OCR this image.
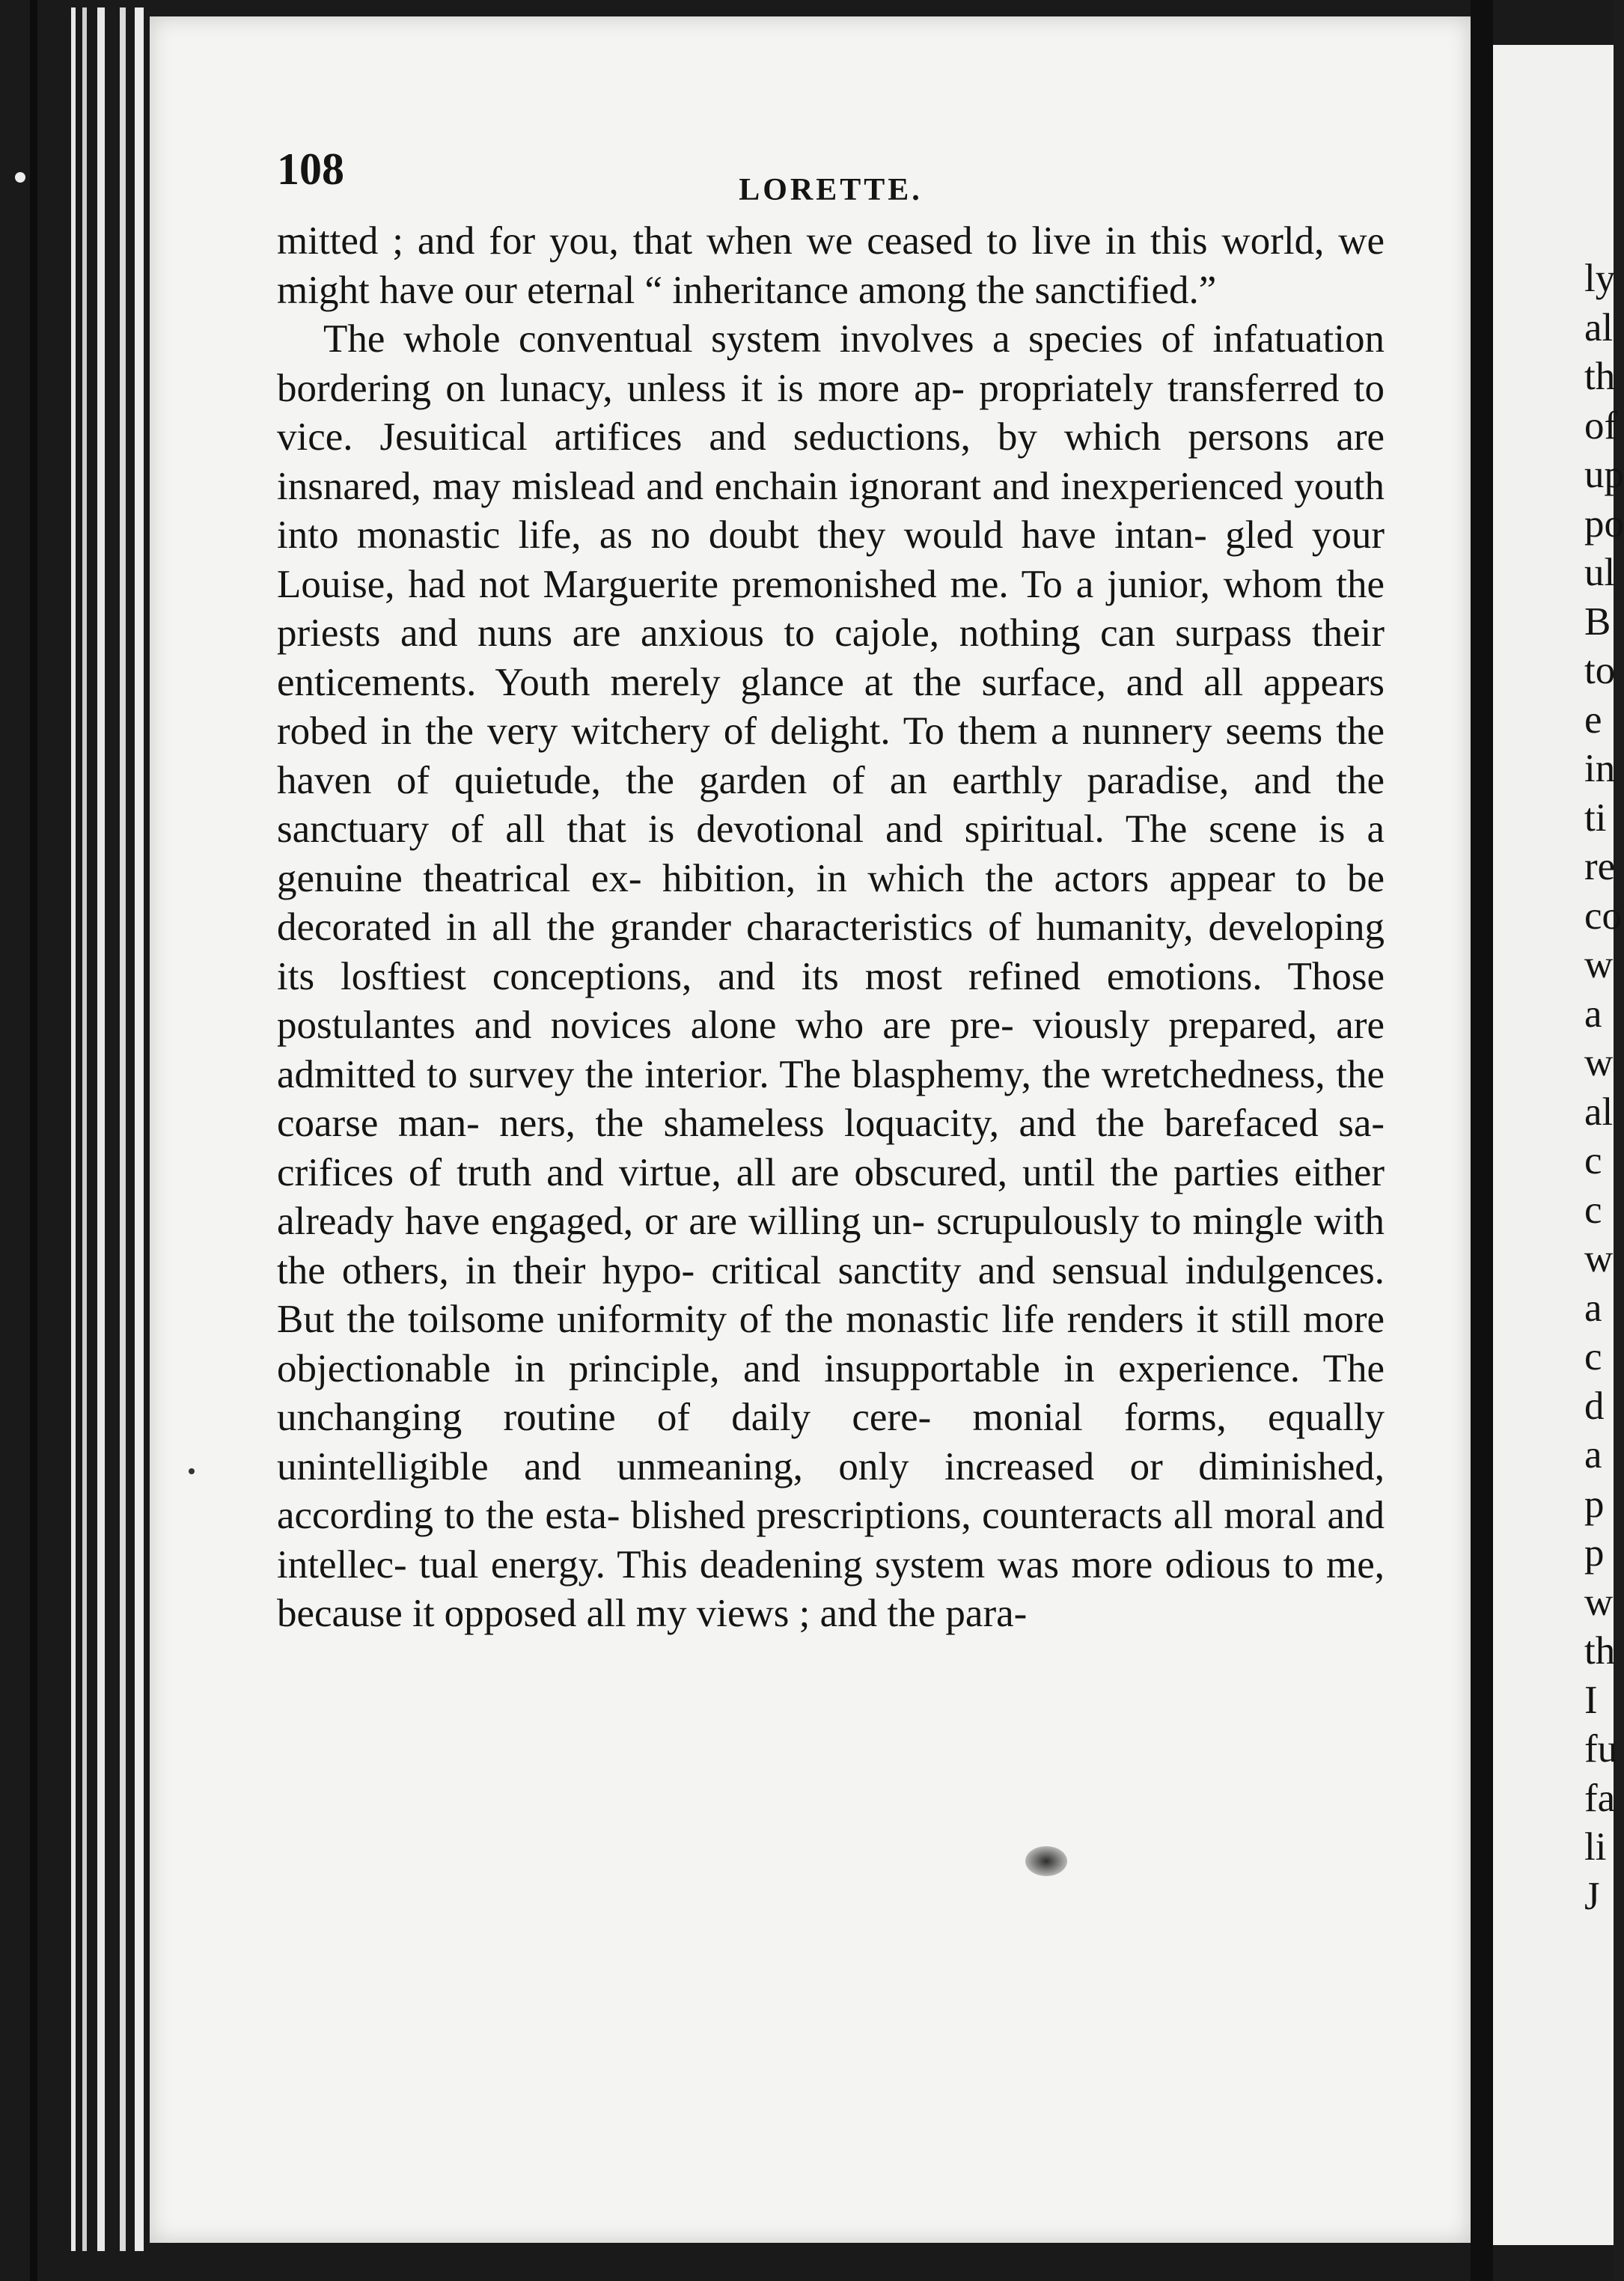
108	LORETTE.

mitted ; and for you, that when we ceased to live in this world, we might have our eternal “ inheritance among the sanctified.”

The whole conventual system involves a species of infatuation bordering on lunacy, unless it is more ap- propriately transferred to vice. Jesuitical artifices and seductions, by which persons are insnared, may mislead and enchain ignorant and inexperienced youth into monastic life, as no doubt they would have intan- gled your Louise, had not Marguerite premonished me. To a junior, whom the priests and nuns are anxious to cajole, nothing can surpass their enticements. Youth merely glance at the surface, and all appears robed in the very witchery of delight. To them a nunnery seems the haven of quietude, the garden of an earthly paradise, and the sanctuary of all that is devotional and spiritual. The scene is a genuine theatrical ex- hibition, in which the actors appear to be decorated in all the grander characteristics of humanity, developing its losftiest conceptions, and its most refined emotions. Those postulantes and novices alone who are pre- viously prepared, are admitted to survey the interior. The blasphemy, the wretchedness, the coarse man- ners, the shameless loquacity, and the barefaced sa- crifices of truth and virtue, all are obscured, until the parties either already have engaged, or are willing un- scrupulously to mingle with the others, in their hypo- critical sanctity and sensual indulgences. But the toilsome uniformity of the monastic life renders it still more objectionable in principle, and insupportable in experience. The unchanging routine of daily cere- monial forms, equally unintelligible and unmeaning, only increased or diminished, according to the esta- blished prescriptions, counteracts all moral and intellec- tual energy. This deadening system was more odious to me, because it opposed all my views ; and the para-

ly
al
th
of
up
po
ul
B
to
e
in
ti
re
co
w
a
w
al
c
c
w
a
c
d
a
p
p
w
th
I
fu
fa
li
J
